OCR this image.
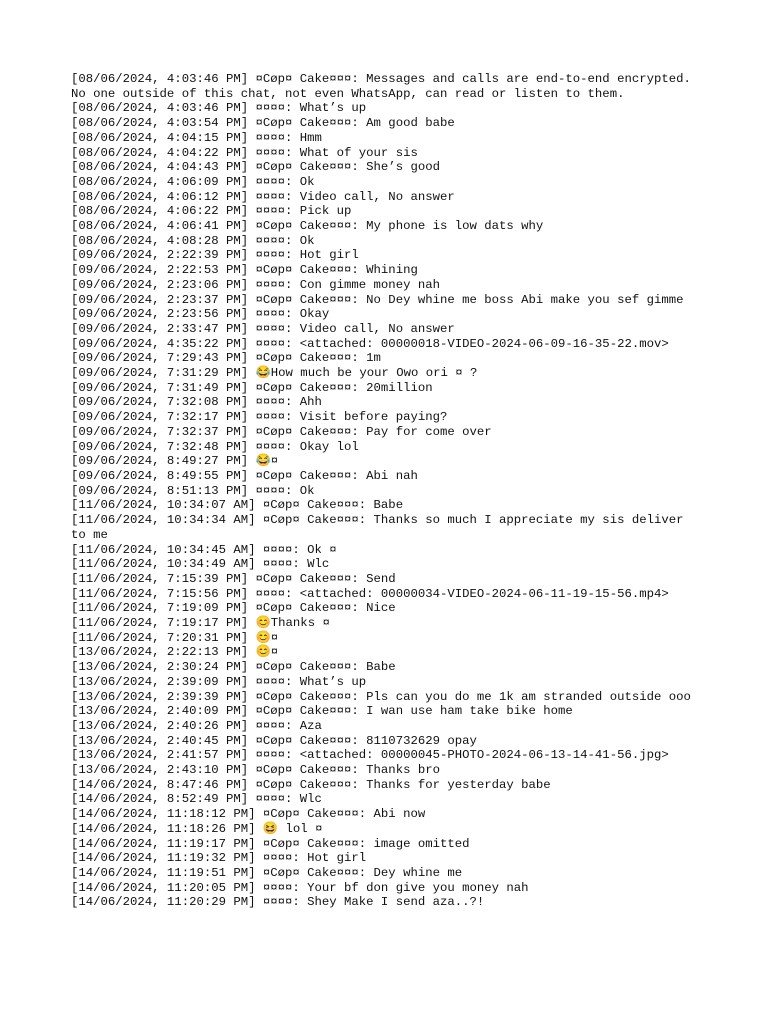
[08/06/2024, 4:03:46 PM] ¤Cøp¤ Cake¤¤¤: Messages and calls are end-to-end encrypted. No one outside of this chat, not even WhatsApp, can read or listen to them.
[08/06/2024, 4:03:46 PM] ¤¤¤¤: What’s up
[08/06/2024, 4:03:54 PM] ¤Cøp¤ Cake¤¤¤: Am good babe
[08/06/2024, 4:04:15 PM] ¤¤¤¤: Hmm
[08/06/2024, 4:04:22 PM] ¤¤¤¤: What of your sis
[08/06/2024, 4:04:43 PM] ¤Cøp¤ Cake¤¤¤: She’s good
[08/06/2024, 4:06:09 PM] ¤¤¤¤: Ok
[08/06/2024, 4:06:12 PM] ¤¤¤¤: Video call, No answer
[08/06/2024, 4:06:22 PM] ¤¤¤¤: Pick up
[08/06/2024, 4:06:41 PM] ¤Cøp¤ Cake¤¤¤: My phone is low dats why
[08/06/2024, 4:08:28 PM] ¤¤¤¤: Ok
[09/06/2024, 2:22:39 PM] ¤¤¤¤: Hot girl
[09/06/2024, 2:22:53 PM] ¤Cøp¤ Cake¤¤¤: Whining
[09/06/2024, 2:23:06 PM] ¤¤¤¤: Con gimme money nah
[09/06/2024, 2:23:37 PM] ¤Cøp¤ Cake¤¤¤: No Dey whine me boss Abi make you sef gimme
[09/06/2024, 2:23:56 PM] ¤¤¤¤: Okay
[09/06/2024, 2:33:47 PM] ¤¤¤¤: Video call, No answer
[09/06/2024, 4:35:22 PM] ¤¤¤¤: <attached: 00000018-VIDEO-2024-06-09-16-35-22.mov>
[09/06/2024, 7:29:43 PM] ¤Cøp¤ Cake¤¤¤: 1m
[09/06/2024, 7:31:29 PM] 😂How much be your Owo ori ¤ ?
[09/06/2024, 7:31:49 PM] ¤Cøp¤ Cake¤¤¤: 20million
[09/06/2024, 7:32:08 PM] ¤¤¤¤: Ahh
[09/06/2024, 7:32:17 PM] ¤¤¤¤: Visit before paying?
[09/06/2024, 7:32:37 PM] ¤Cøp¤ Cake¤¤¤: Pay for come over
[09/06/2024, 7:32:48 PM] ¤¤¤¤: Okay lol
[09/06/2024, 8:49:27 PM] 😂¤
[09/06/2024, 8:49:55 PM] ¤Cøp¤ Cake¤¤¤: Abi nah
[09/06/2024, 8:51:13 PM] ¤¤¤¤: Ok
[11/06/2024, 10:34:07 AM] ¤Cøp¤ Cake¤¤¤: Babe
[11/06/2024, 10:34:34 AM] ¤Cøp¤ Cake¤¤¤: Thanks so much I appreciate my sis deliver to me
[11/06/2024, 10:34:45 AM] ¤¤¤¤: Ok ¤
[11/06/2024, 10:34:49 AM] ¤¤¤¤: Wlc
[11/06/2024, 7:15:39 PM] ¤Cøp¤ Cake¤¤¤: Send
[11/06/2024, 7:15:56 PM] ¤¤¤¤: <attached: 00000034-VIDEO-2024-06-11-19-15-56.mp4>
[11/06/2024, 7:19:09 PM] ¤Cøp¤ Cake¤¤¤: Nice
[11/06/2024, 7:19:17 PM] 😊Thanks ¤
[11/06/2024, 7:20:31 PM] 😊¤
[13/06/2024, 2:22:13 PM] 😊¤
[13/06/2024, 2:30:24 PM] ¤Cøp¤ Cake¤¤¤: Babe
[13/06/2024, 2:39:09 PM] ¤¤¤¤: What’s up
[13/06/2024, 2:39:39 PM] ¤Cøp¤ Cake¤¤¤: Pls can you do me 1k am stranded outside ooo
[13/06/2024, 2:40:09 PM] ¤Cøp¤ Cake¤¤¤: I wan use ham take bike home
[13/06/2024, 2:40:26 PM] ¤¤¤¤: Aza
[13/06/2024, 2:40:45 PM] ¤Cøp¤ Cake¤¤¤: 8110732629 opay
[13/06/2024, 2:41:57 PM] ¤¤¤¤: <attached: 00000045-PHOTO-2024-06-13-14-41-56.jpg>
[13/06/2024, 2:43:10 PM] ¤Cøp¤ Cake¤¤¤: Thanks bro
[14/06/2024, 8:47:46 PM] ¤Cøp¤ Cake¤¤¤: Thanks for yesterday babe
[14/06/2024, 8:52:49 PM] ¤¤¤¤: Wlc
[14/06/2024, 11:18:12 PM] ¤Cøp¤ Cake¤¤¤: Abi now
[14/06/2024, 11:18:26 PM] 😆 lol ¤
[14/06/2024, 11:19:17 PM] ¤Cøp¤ Cake¤¤¤: image omitted
[14/06/2024, 11:19:32 PM] ¤¤¤¤: Hot girl
[14/06/2024, 11:19:51 PM] ¤Cøp¤ Cake¤¤¤: Dey whine me
[14/06/2024, 11:20:05 PM] ¤¤¤¤: Your bf don give you money nah
[14/06/2024, 11:20:29 PM] ¤¤¤¤: Shey Make I send aza..?!
